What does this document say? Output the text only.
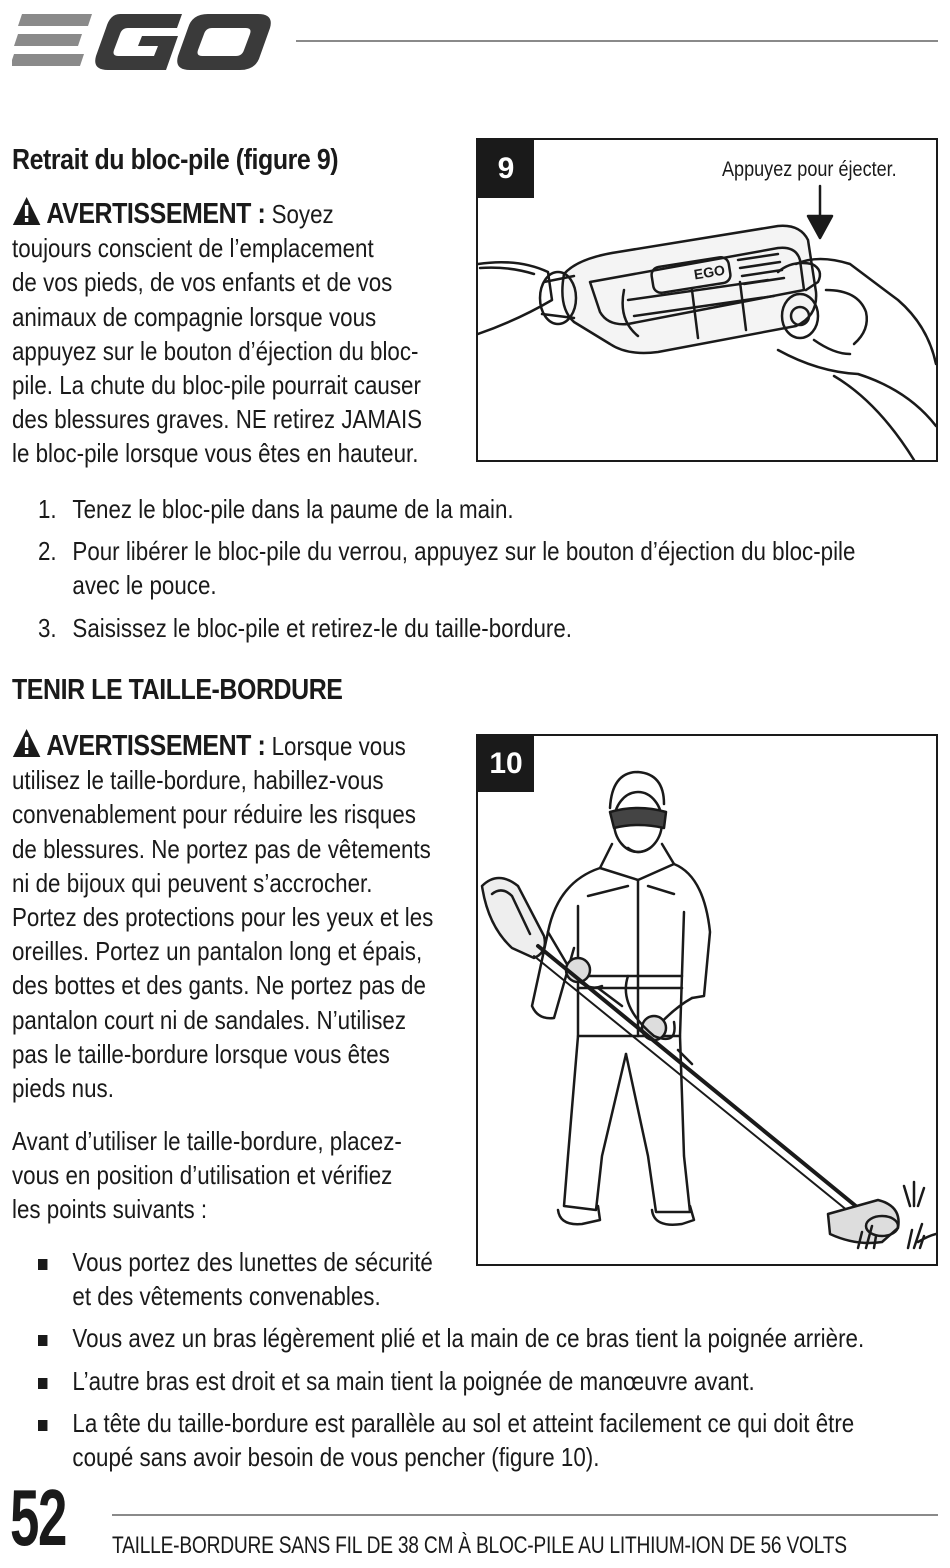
Retrait du bloc-pile (figure 9)
AVERTISSEMENT : Soyez
toujours conscient de l’emplacement
de vos pieds, de vos enfants et de vos
animaux de compagnie lorsque vous
appuyez sur le bouton d’éjection du bloc-
pile. La chute du bloc-pile pourrait causer
des blessures graves. NE retirez JAMAIS
le bloc-pile lorsque vous êtes en hauteur.
9	Appuyez pour éjecter.
EGO
1. Tenez le bloc-pile dans la paume de la main.
2. Pour libérer le bloc-pile du verrou, appuyez sur le bouton d’éjection du bloc-pile
avec le pouce.
3. Saisissez le bloc-pile et retirez-le du taille-bordure.
TENIR LE TAILLE-BORDURE
AVERTISSEMENT : Lorsque vous
utilisez le taille-bordure, habillez-vous
convenablement pour réduire les risques
de blessures. Ne portez pas de vêtements
ni de bijoux qui peuvent s’accrocher.
Portez des protections pour les yeux et les
oreilles. Portez un pantalon long et épais,
des bottes et des gants. Ne portez pas de
pantalon court ni de sandales. N’utilisez
pas le taille-bordure lorsque vous êtes
pieds nus.
Avant d’utiliser le taille-bordure, placez-
vous en position d’utilisation et vérifiez
les points suivants :
10
Vous portez des lunettes de sécurité
et des vêtements convenables.
Vous avez un bras légèrement plié et la main de ce bras tient la poignée arrière.
L’autre bras est droit et sa main tient la poignée de manœuvre avant.
La tête du taille-bordure est parallèle au sol et atteint facilement ce qui doit être
coupé sans avoir besoin de vous pencher (figure 10).
52 TAILLE-BORDURE SANS FIL DE 38 CM À BLOC-PILE AU LITHIUM-ION DE 56 VOLTS
